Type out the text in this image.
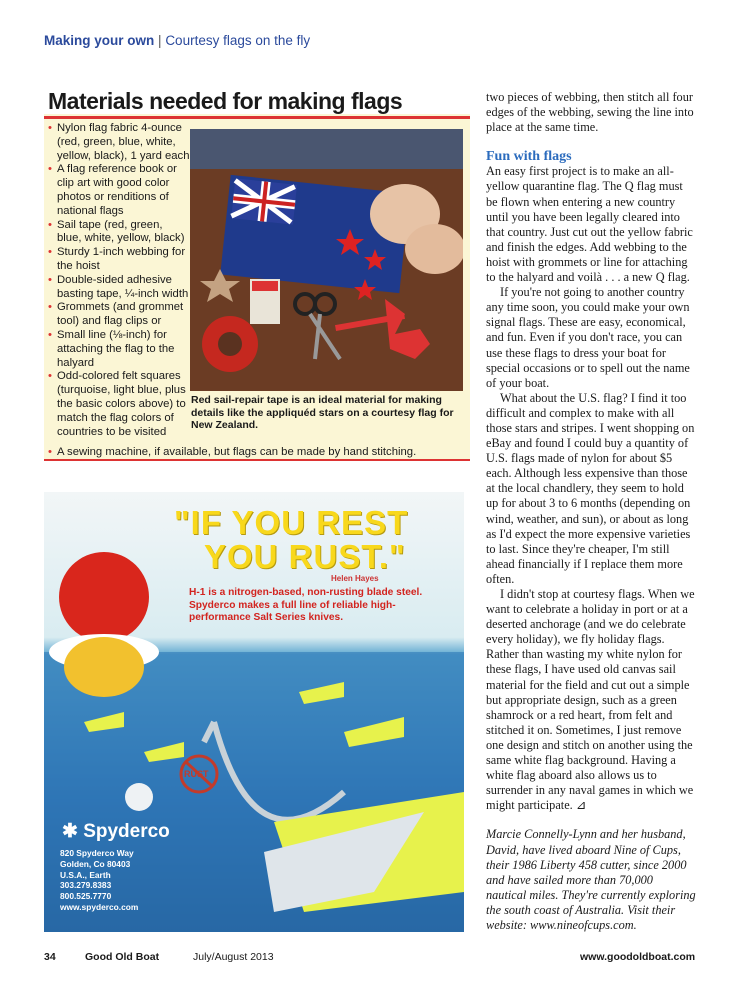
Making your own | Courtesy flags on the fly
Materials needed for making flags
• Nylon flag fabric 4-ounce (red, green, blue, white, yellow, black), 1 yard each
• A flag reference book or clip art with good color photos or renditions of national flags
• Sail tape (red, green, blue, white, yellow, black)
• Sturdy 1-inch webbing for the hoist
• Double-sided adhesive basting tape, ¼-inch width
• Grommets (and grommet tool) and flag clips or
• Small line (⅛-inch) for attaching the flag to the halyard
• Odd-colored felt squares (turquoise, light blue, plus the basic colors above) to match the flag colors of countries to be visited
• A sewing machine, if available, but flags can be made by hand stitching.
Red sail-repair tape is an ideal material for making details like the appliquéd stars on a courtesy flag for New Zealand.

two pieces of webbing, then stitch all four edges of the webbing, sewing the line into place at the same time.

Fun with flags

An easy first project is to make an all-yellow quarantine flag. The Q flag must be flown when entering a new country until you have been legally cleared into that country. Just cut out the yellow fabric and finish the edges. Add webbing to the hoist with grommets or line for attaching to the halyard and voilà . . . a new Q flag.

If you're not going to another country any time soon, you could make your own signal flags. These are easy, economical, and fun. Even if you don't race, you can use these flags to dress your boat for special occasions or to spell out the name of your boat.

What about the U.S. flag? I find it too difficult and complex to make with all those stars and stripes. I went shopping on eBay and found I could buy a quantity of U.S. flags made of nylon for about $5 each. Although less expensive than those at the local chandlery, they seem to hold up for about 3 to 6 months (depending on wind, weather, and sun), or about as long as I'd expect the more expensive varieties to last. Since they're cheaper, I'm still ahead financially if I replace them more often.

I didn't stop at courtesy flags. When we want to celebrate a holiday in port or at a deserted anchorage (and we do celebrate every holiday), we fly holiday flags. Rather than wasting my white nylon for these flags, I have used old canvas sail material for the field and cut out a simple but appropriate design, such as a green shamrock or a red heart, from felt and stitched it on. Sometimes, I just remove one design and stitch on another using the same white flag background. Having a white flag aboard also allows us to surrender in any naval games in which we might participate. ⊿

Marcie Connelly-Lynn and her husband, David, have lived aboard Nine of Cups, their 1986 Liberty 458 cutter, since 2000 and have sailed more than 70,000 nautical miles. They're currently exploring the south coast of Australia. Visit their website: www.nineofcups.com.

"IF YOU REST
YOU RUST."
Helen Hayes
H-1 is a nitrogen-based, non-rusting blade steel. Spyderco makes a full line of reliable high-performance Salt Series knives.
RUST
✱ Spyderco
820 Spyderco Way
Golden, Co 80403
U.S.A., Earth
303.279.8383
800.525.7770
www.spyderco.com
34	Good Old Boat	July/August 2013	www.goodoldboat.com
